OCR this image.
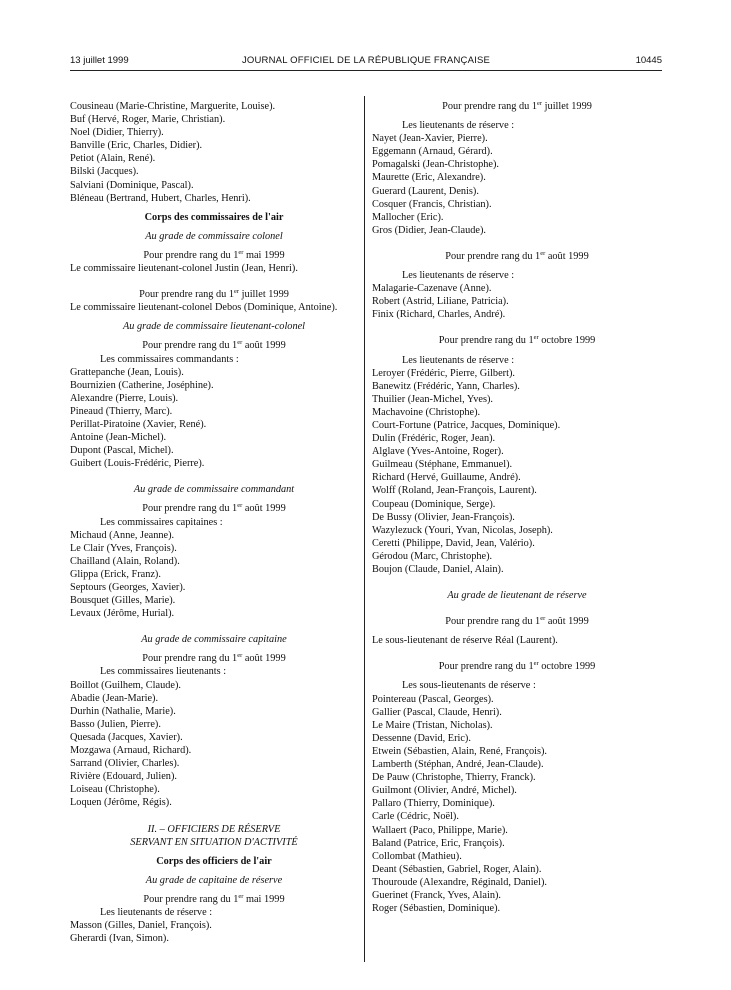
13 juillet 1999	JOURNAL OFFICIEL DE LA RÉPUBLIQUE FRANÇAISE	10445
Cousineau (Marie-Christine, Marguerite, Louise).
Buf (Hervé, Roger, Marie, Christian).
Noel (Didier, Thierry).
Banville (Eric, Charles, Didier).
Petiot (Alain, René).
Bilski (Jacques).
Salviani (Dominique, Pascal).
Bléneau (Bertrand, Hubert, Charles, Henri).
Corps des commissaires de l'air
Au grade de commissaire colonel
Pour prendre rang du 1er mai 1999
Le commissaire lieutenant-colonel Justin (Jean, Henri).
Pour prendre rang du 1er juillet 1999
Le commissaire lieutenant-colonel Debos (Dominique, Antoine).
Au grade de commissaire lieutenant-colonel
Pour prendre rang du 1er août 1999
Les commissaires commandants :
Grattepanche (Jean, Louis).
Bournizien (Catherine, Joséphine).
Alexandre (Pierre, Louis).
Pineaud (Thierry, Marc).
Perillat-Piratoine (Xavier, René).
Antoine (Jean-Michel).
Dupont (Pascal, Michel).
Guibert (Louis-Frédéric, Pierre).
Au grade de commissaire commandant
Pour prendre rang du 1er août 1999
Les commissaires capitaines :
Michaud (Anne, Jeanne).
Le Clair (Yves, François).
Chailland (Alain, Roland).
Glippa (Erick, Franz).
Septours (Georges, Xavier).
Bousquet (Gilles, Marie).
Levaux (Jérôme, Hurial).
Au grade de commissaire capitaine
Pour prendre rang du 1er août 1999
Les commissaires lieutenants :
Boillot (Guilhem, Claude).
Abadie (Jean-Marie).
Durhin (Nathalie, Marie).
Basso (Julien, Pierre).
Quesada (Jacques, Xavier).
Mozgawa (Arnaud, Richard).
Sarrand (Olivier, Charles).
Rivière (Edouard, Julien).
Loiseau (Christophe).
Loquen (Jérôme, Régis).
II. – OFFICIERS DE RÉSERVE
SERVANT EN SITUATION D'ACTIVITÉ
Corps des officiers de l'air
Au grade de capitaine de réserve
Pour prendre rang du 1er mai 1999
Les lieutenants de réserve :
Masson (Gilles, Daniel, François).
Gherardi (Ivan, Simon).
Pour prendre rang du 1er juillet 1999
Les lieutenants de réserve :
Nayet (Jean-Xavier, Pierre).
Eggemann (Arnaud, Gérard).
Pomagalski (Jean-Christophe).
Maurette (Eric, Alexandre).
Guerard (Laurent, Denis).
Cosquer (Francis, Christian).
Mallocher (Eric).
Gros (Didier, Jean-Claude).
Pour prendre rang du 1er août 1999
Les lieutenants de réserve :
Malagarie-Cazenave (Anne).
Robert (Astrid, Liliane, Patricia).
Finix (Richard, Charles, André).
Pour prendre rang du 1er octobre 1999
Les lieutenants de réserve :
Leroyer (Frédéric, Pierre, Gilbert).
Banewitz (Frédéric, Yann, Charles).
Thuilier (Jean-Michel, Yves).
Machavoine (Christophe).
Court-Fortune (Patrice, Jacques, Dominique).
Dulin (Frédéric, Roger, Jean).
Alglave (Yves-Antoine, Roger).
Guilmeau (Stéphane, Emmanuel).
Richard (Hervé, Guillaume, André).
Wolff (Roland, Jean-François, Laurent).
Coupeau (Dominique, Serge).
De Bussy (Olivier, Jean-François).
Wazylezuck (Youri, Yvan, Nicolas, Joseph).
Ceretti (Philippe, David, Jean, Valério).
Gérodou (Marc, Christophe).
Boujon (Claude, Daniel, Alain).
Au grade de lieutenant de réserve
Pour prendre rang du 1er août 1999
Le sous-lieutenant de réserve Réal (Laurent).
Pour prendre rang du 1er octobre 1999
Les sous-lieutenants de réserve :
Pointereau (Pascal, Georges).
Gallier (Pascal, Claude, Henri).
Le Maire (Tristan, Nicholas).
Dessenne (David, Eric).
Etwein (Sébastien, Alain, René, François).
Lamberth (Stéphan, André, Jean-Claude).
De Pauw (Christophe, Thierry, Franck).
Guilmont (Olivier, André, Michel).
Pallaro (Thierry, Dominique).
Carle (Cédric, Noël).
Wallaert (Paco, Philippe, Marie).
Baland (Patrice, Eric, François).
Collombat (Mathieu).
Deant (Sébastien, Gabriel, Roger, Alain).
Thouroude (Alexandre, Réginald, Daniel).
Guerinet (Franck, Yves, Alain).
Roger (Sébastien, Dominique).
